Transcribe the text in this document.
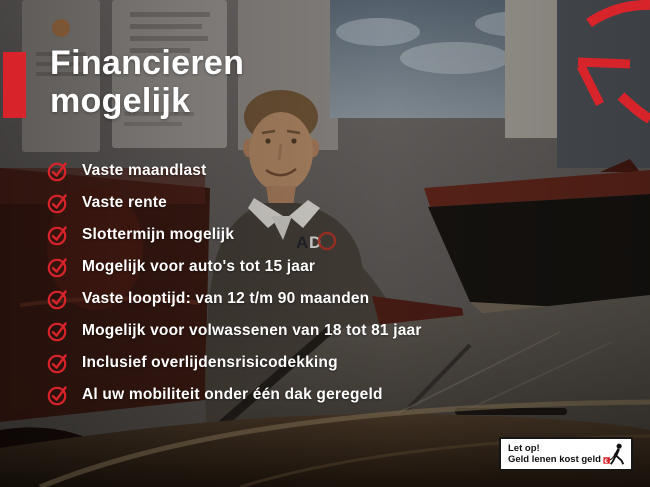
Financieren mogelijk
Vaste maandlast
Vaste rente
Slottermijn mogelijk
Mogelijk voor auto's tot 15 jaar
Vaste looptijd: van 12 t/m 90 maanden
Mogelijk voor volwassenen van 18 tot 81 jaar
Inclusief overlijdensrisicodekking
Al uw mobiliteit onder één dak geregeld
Let op!
Geld lenen kost geld €
